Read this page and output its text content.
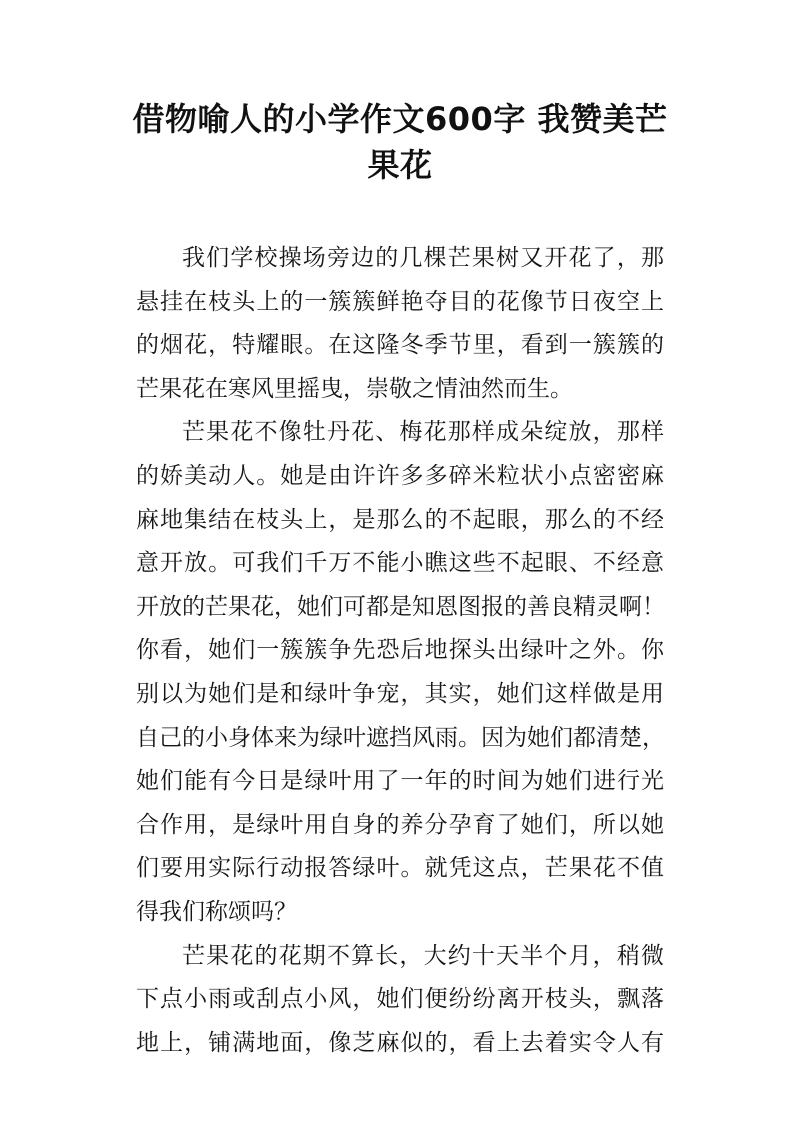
借物喻人的小学作文600字 我赞美芒
果花
我们学校操场旁边的几棵芒果树又开花了，那
悬挂在枝头上的一簇簇鲜艳夺目的花像节日夜空上
的烟花，特耀眼。在这隆冬季节里，看到一簇簇的
芒果花在寒风里摇曳，崇敬之情油然而生。
芒果花不像牡丹花、梅花那样成朵绽放，那样
的娇美动人。她是由许许多多碎米粒状小点密密麻
麻地集结在枝头上，是那么的不起眼，那么的不经
意开放。可我们千万不能小瞧这些不起眼、不经意
开放的芒果花，她们可都是知恩图报的善良精灵啊！
你看，她们一簇簇争先恐后地探头出绿叶之外。你
别以为她们是和绿叶争宠，其实，她们这样做是用
自己的小身体来为绿叶遮挡风雨。因为她们都清楚，
她们能有今日是绿叶用了一年的时间为她们进行光
合作用，是绿叶用自身的养分孕育了她们，所以她
们要用实际行动报答绿叶。就凭这点，芒果花不值
得我们称颂吗？
芒果花的花期不算长，大约十天半个月，稍微
下点小雨或刮点小风，她们便纷纷离开枝头，飘落
地上，铺满地面，像芝麻似的，看上去着实令人有
